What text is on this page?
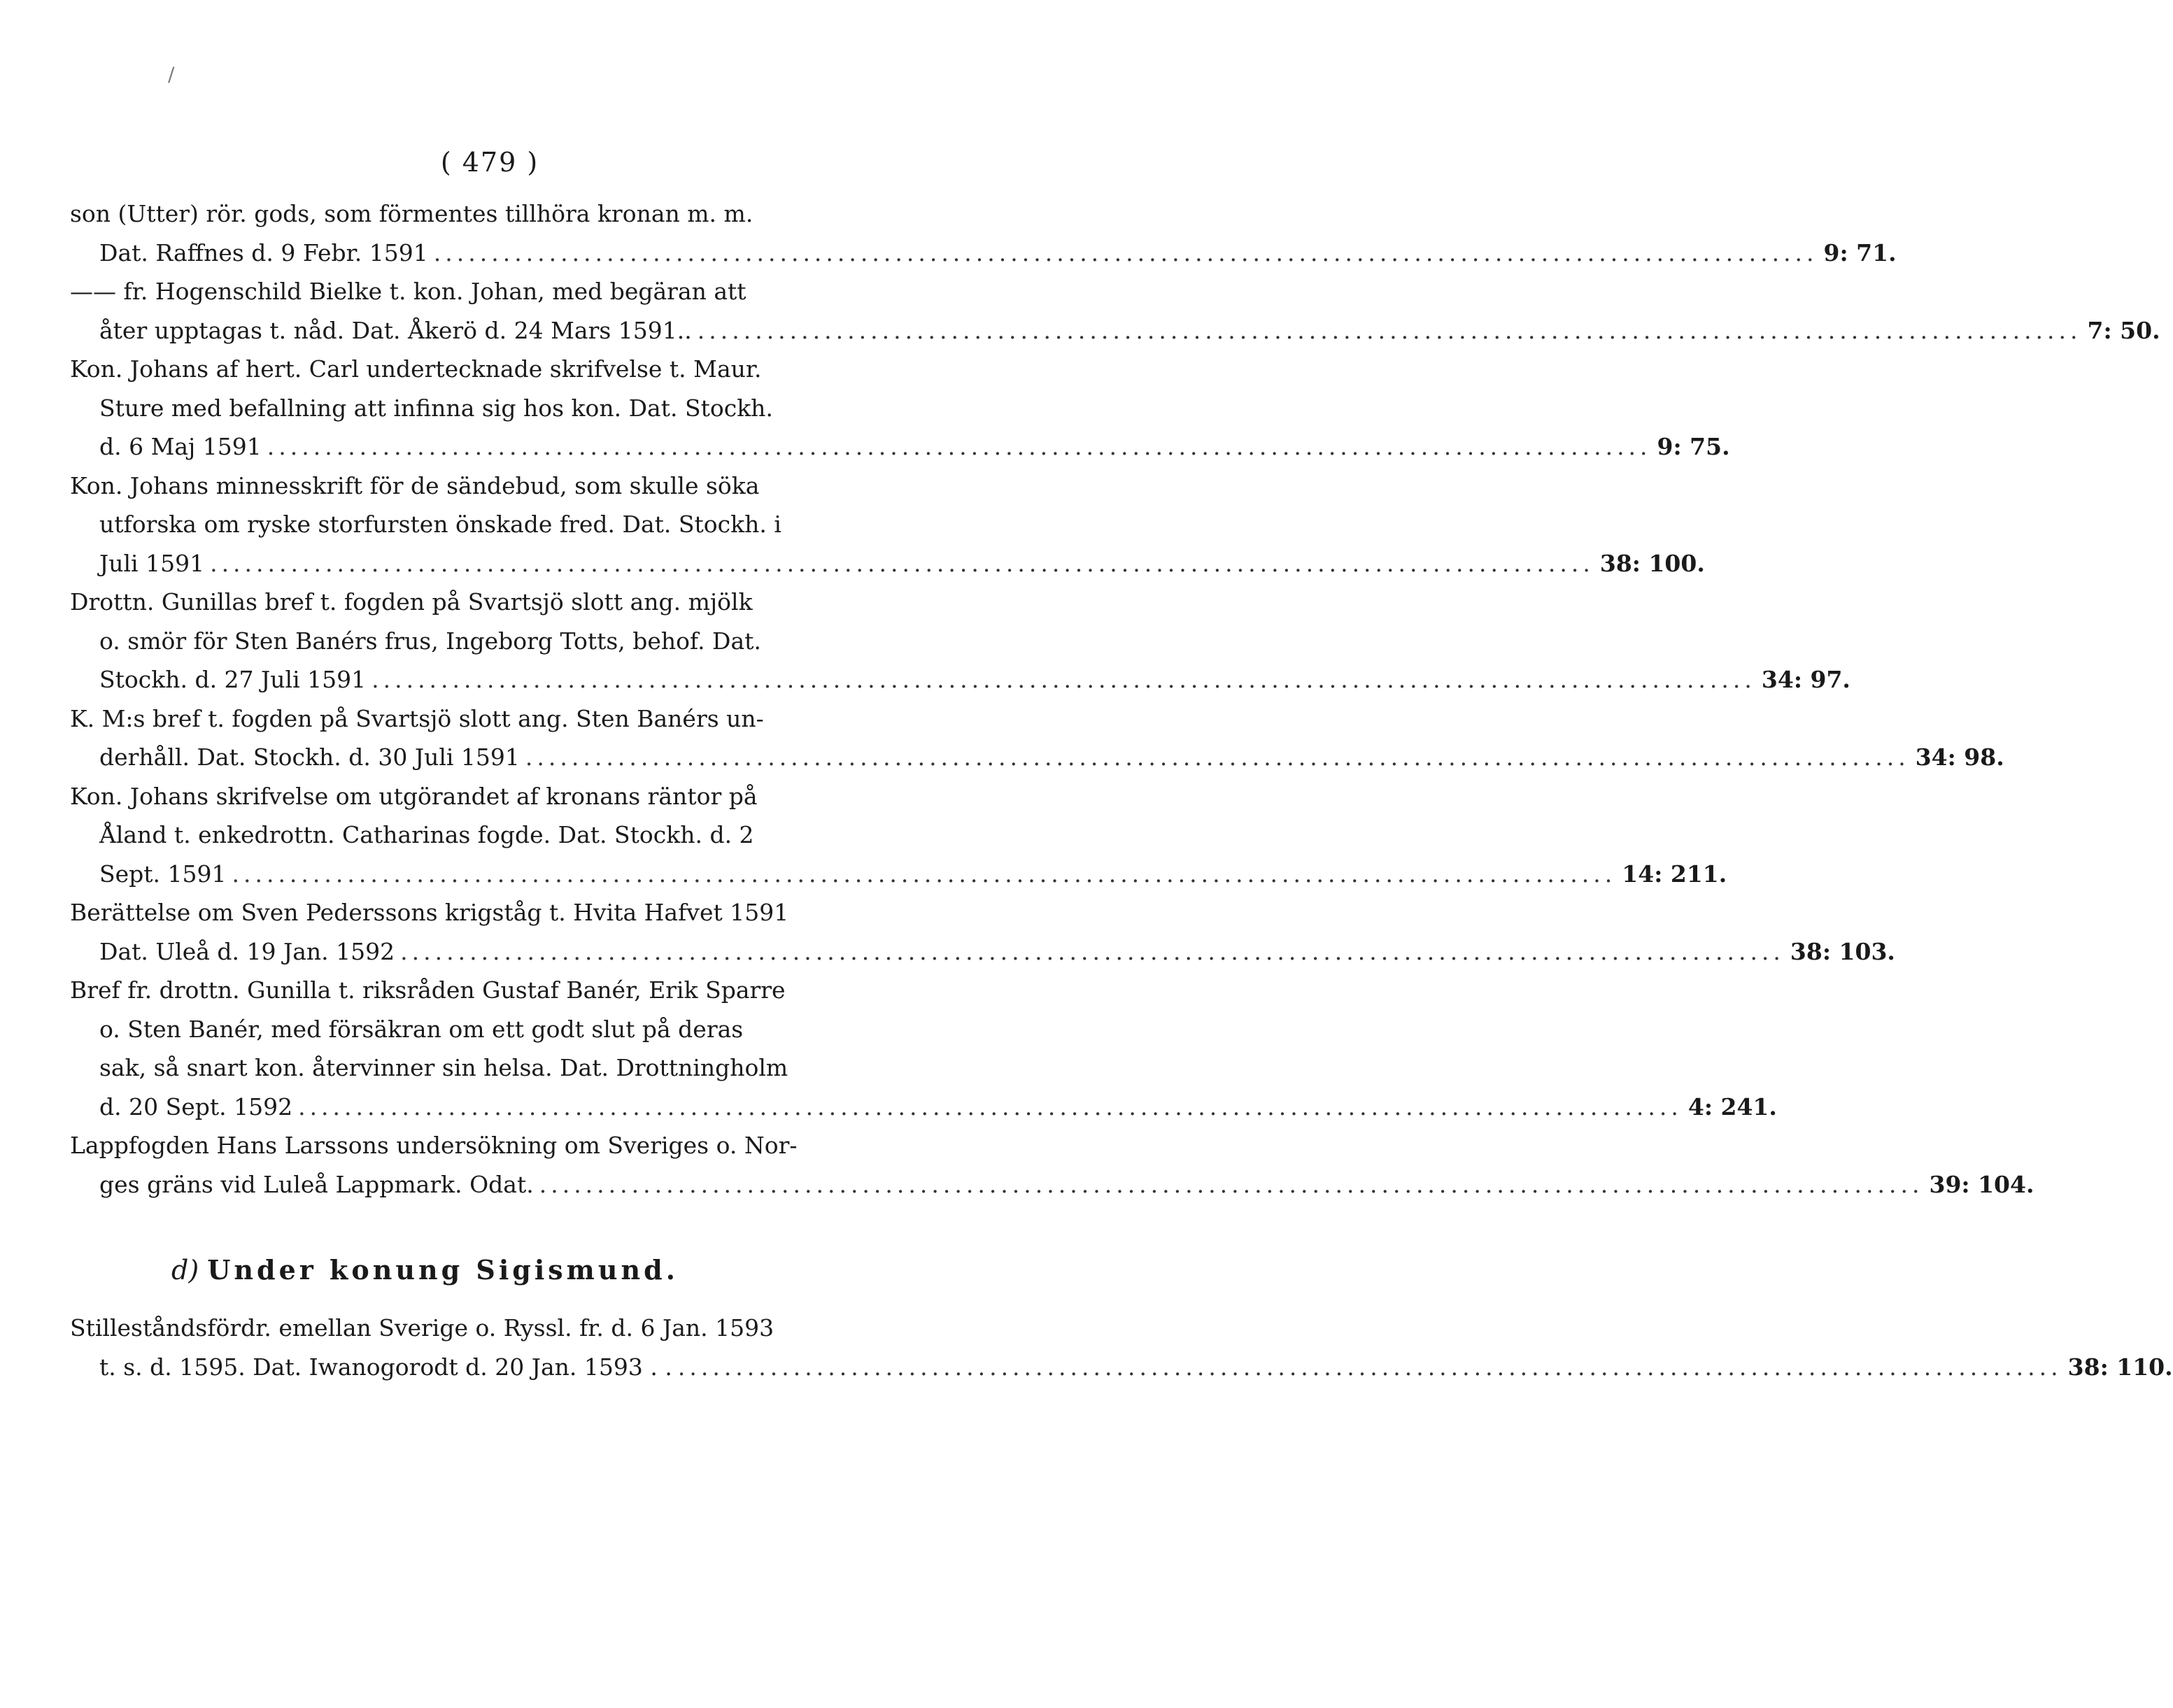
/
( 479 )
son (Utter) rör. gods, som förmentes tillhöra kronan m. m.
Dat. Raffnes d. 9 Febr. 1591 ........................................................................................................................ 9: 71.
—— fr. Hogenschild Bielke t. kon. Johan, med begäran att
åter upptagas t. nåd. Dat. Åkerö d. 24 Mars 1591.. ........................................................................................................................ 7: 50.
Kon. Johans af hert. Carl undertecknade skrifvelse t. Maur.
Sture med befallning att infinna sig hos kon. Dat. Stockh.
d. 6 Maj 1591 ........................................................................................................................ 9: 75.
Kon. Johans minnesskrift för de sändebud, som skulle söka
utforska om ryske storfursten önskade fred. Dat. Stockh. i
Juli 1591 ........................................................................................................................ 38: 100.
Drottn. Gunillas bref t. fogden på Svartsjö slott ang. mjölk
o. smör för Sten Banérs frus, Ingeborg Totts, behof. Dat.
Stockh. d. 27 Juli 1591 ........................................................................................................................ 34: 97.
K. M:s bref t. fogden på Svartsjö slott ang. Sten Banérs un-
derhåll. Dat. Stockh. d. 30 Juli 1591 ........................................................................................................................ 34: 98.
Kon. Johans skrifvelse om utgörandet af kronans räntor på
Åland t. enkedrottn. Catharinas fogde. Dat. Stockh. d. 2
Sept. 1591 ........................................................................................................................ 14: 211.
Berättelse om Sven Pederssons krigståg t. Hvita Hafvet 1591
Dat. Uleå d. 19 Jan. 1592 ........................................................................................................................ 38: 103.
Bref fr. drottn. Gunilla t. riksråden Gustaf Banér, Erik Sparre
o. Sten Banér, med försäkran om ett godt slut på deras
sak, så snart kon. återvinner sin helsa. Dat. Drottningholm
d. 20 Sept. 1592 ........................................................................................................................ 4: 241.
Lappfogden Hans Larssons undersökning om Sveriges o. Nor-
ges gräns vid Luleå Lappmark. Odat. ........................................................................................................................ 39: 104.
d) Under konung Sigismund.
Stilleståndsfördr. emellan Sverige o. Ryssl. fr. d. 6 Jan. 1593
t. s. d. 1595. Dat. Iwanogorodt d. 20 Jan. 1593 . . ........................................................................................................................ 38: 110.
